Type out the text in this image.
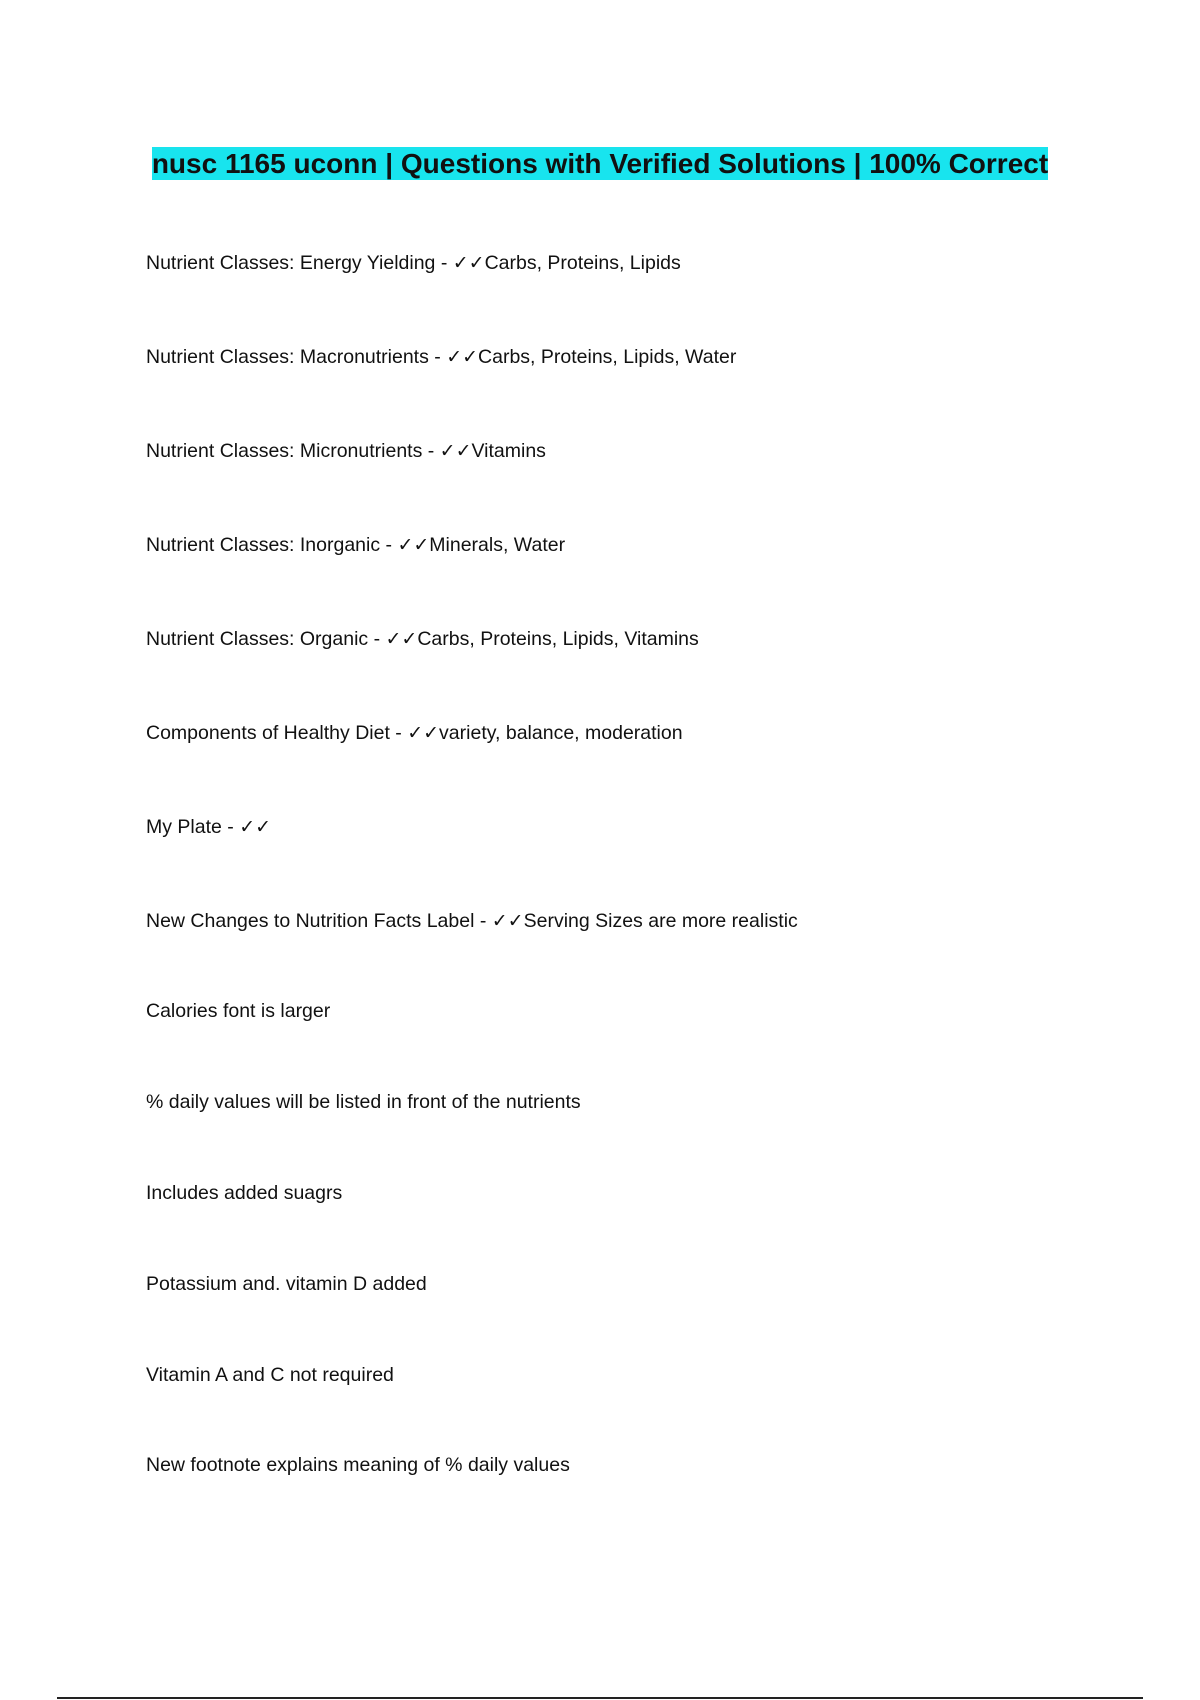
nusc 1165 uconn | Questions with Verified Solutions | 100% Correct
Nutrient Classes: Energy Yielding - ✓✓Carbs, Proteins, Lipids
Nutrient Classes: Macronutrients - ✓✓Carbs, Proteins, Lipids, Water
Nutrient Classes: Micronutrients - ✓✓Vitamins
Nutrient Classes: Inorganic - ✓✓Minerals, Water
Nutrient Classes: Organic - ✓✓Carbs, Proteins, Lipids, Vitamins
Components of Healthy Diet - ✓✓variety, balance, moderation
My Plate - ✓✓
New Changes to Nutrition Facts Label - ✓✓Serving Sizes are more realistic
Calories font is larger
% daily values will be listed in front of the nutrients
Includes added suagrs
Potassium and. vitamin D added
Vitamin A and C not required
New footnote explains meaning of % daily values
